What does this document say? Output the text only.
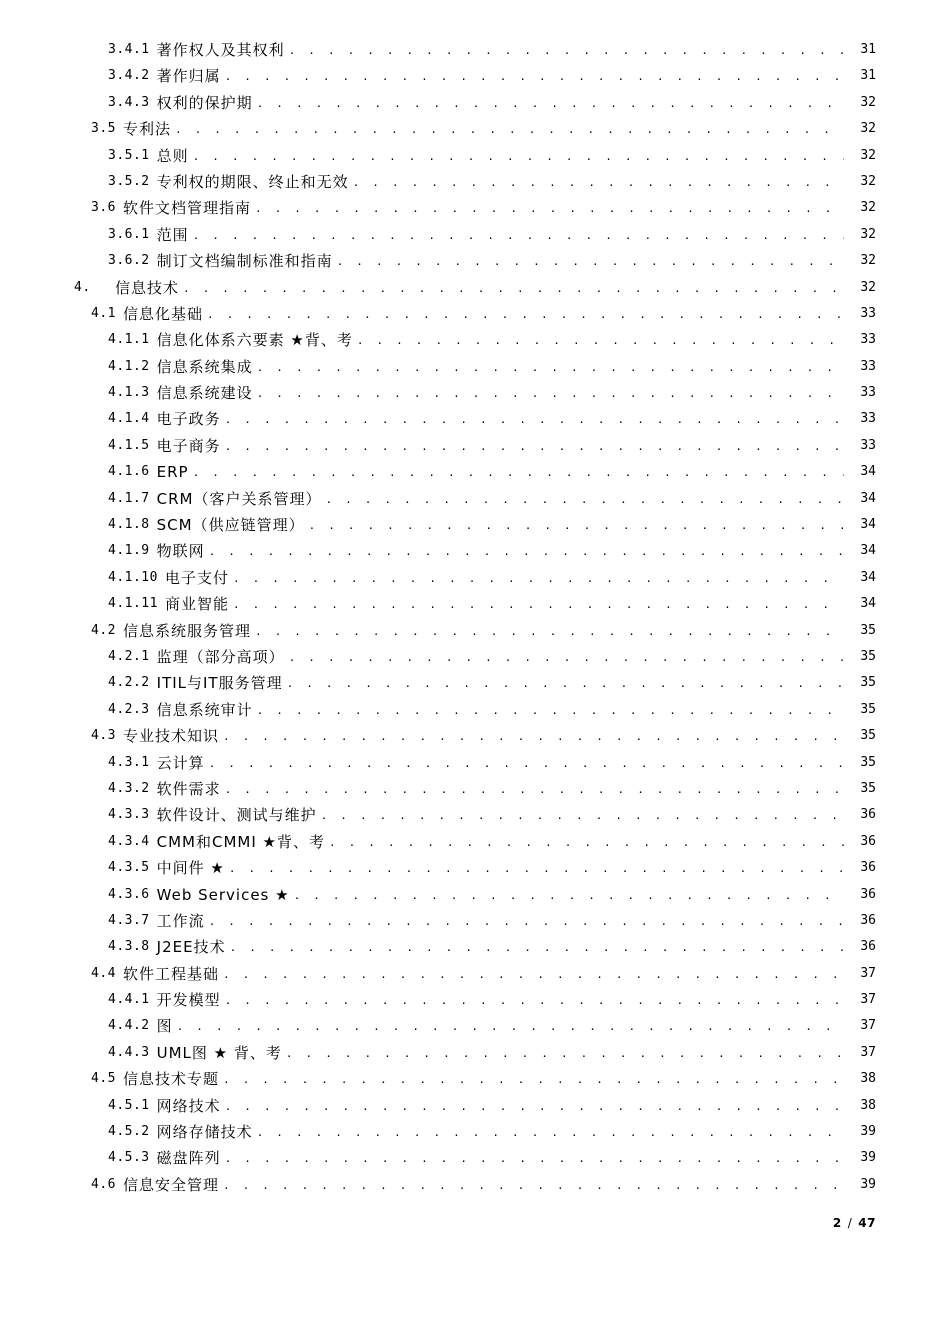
3.4.1 著作权人及其权利 . . .	31
3.4.2 著作归属 . . .	31
3.4.3 权利的保护期 . . .	32
3.5 专利法 . . .	32
3.5.1 总则 . . .	32
3.5.2 专利权的期限、终止和无效 . . .	32
3.6 软件文档管理指南 . . .	32
3.6.1 范围 . . .	32
3.6.2 制订文档编制标准和指南 . . .	32
4.	信息技术 . . .	32
4.1 信息化基础 . . .	33
4.1.1 信息化体系六要素 ★背、考 . . .	33
4.1.2 信息系统集成 . . .	33
4.1.3 信息系统建设 . . .	33
4.1.4 电子政务 . . .	33
4.1.5 电子商务 . . .	33
4.1.6 ERP . . .	34
4.1.7 CRM（客户关系管理） . . .	34
4.1.8 SCM（供应链管理） . . .	34
4.1.9 物联网 . . .	34
4.1.10 电子支付 . . .	34
4.1.11 商业智能 . . .	34
4.2 信息系统服务管理 . . .	35
4.2.1 监理（部分高项） . . .	35
4.2.2 ITIL与IT服务管理 . . .	35
4.2.3 信息系统审计 . . .	35
4.3 专业技术知识 . . .	35
4.3.1 云计算 . . .	35
4.3.2 软件需求 . . .	35
4.3.3 软件设计、测试与维护 . . .	36
4.3.4 CMM和CMMI ★背、考 . . .	36
4.3.5 中间件 ★ . . .	36
4.3.6 Web Services ★ . . .	36
4.3.7 工作流 . . .	36
4.3.8 J2EE技术 . . .	36
4.4 软件工程基础 . . .	37
4.4.1 开发模型 . . .	37
4.4.2 图 . . .	37
4.4.3 UML图 ★ 背、考 . . .	37
4.5 信息技术专题 . . .	38
4.5.1 网络技术 . . .	38
4.5.2 网络存储技术 . . .	39
4.5.3 磁盘阵列 . . .	39
4.6 信息安全管理 . . .	39
2 / 47
